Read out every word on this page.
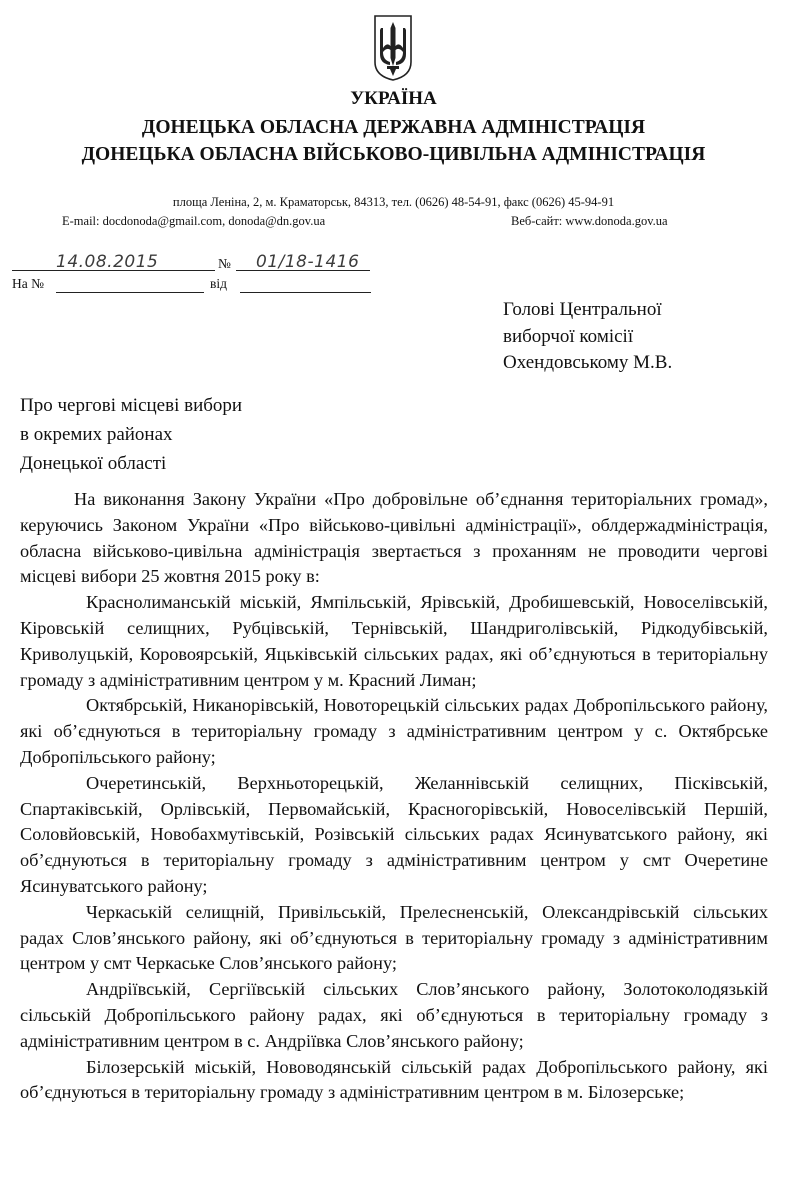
УКРАЇНА
ДОНЕЦЬКА ОБЛАСНА ДЕРЖАВНА АДМІНІСТРАЦІЯ
ДОНЕЦЬКА ОБЛАСНА ВІЙСЬКОВО-ЦИВІЛЬНА АДМІНІСТРАЦІЯ
площа Леніна, 2, м. Краматорськ, 84313, тел. (0626) 48-54-91, факс (0626) 45-94-91
E-mail: docdonoda@gmail.com, donoda@dn.gov.ua	Веб-сайт: www.donoda.gov.ua
14.08.2015	№ 01/18-1416
На №	від
Голові Центральної
виборчої комісії
Охендовському М.В.
Про чергові місцеві вибори
в окремих районах
Донецької області

На виконання Закону України «Про добровільне об’єднання територіальних громад», керуючись Законом України «Про військово-цивільні адміністрації», облдержадміністрація, обласна військово-цивільна адміністрація звертається з проханням не проводити чергові місцеві вибори 25 жовтня 2015 року в:

Краснолиманській міській, Ямпільській, Ярівській, Дробишевській, Новоселівській, Кіровській селищних, Рубцівській, Тернівській, Шандриголівській, Рідкодубівській, Криволуцькій, Коровоярській, Яцьківській сільських радах, які об’єднуються в територіальну громаду з адміністративним центром у м. Красний Лиман;

Октябрській, Никанорівській, Новоторецькій сільських радах Добропільського району, які об’єднуються в територіальну громаду з адміністративним центром у с. Октябрське Добропільського району;

Очеретинській, Верхньоторецькій, Желаннівській селищних, Пісківській, Спартаківській, Орлівській, Первомайській, Красногорівській, Новоселівській Першій, Соловйовській, Новобахмутівській, Розівській сільських радах Ясинуватського району, які об’єднуються в територіальну громаду з адміністративним центром у смт Очеретине Ясинуватського району;

Черкаській селищній, Привільській, Прелесненській, Олександрівській сільських радах Слов’янського району, які об’єднуються в територіальну громаду з адміністративним центром у смт Черкаське Слов’янського району;

Андріївській, Сергіївській сільських Слов’янського району, Золотоколодязькій сільській Добропільського району радах, які об’єднуються в територіальну громаду з адміністративним центром в с. Андріївка Слов’янського району;

Білозерській міській, Нововодянській сільській радах Добропільського району, які об’єднуються в територіальну громаду з адміністративним центром в м. Білозерське;
